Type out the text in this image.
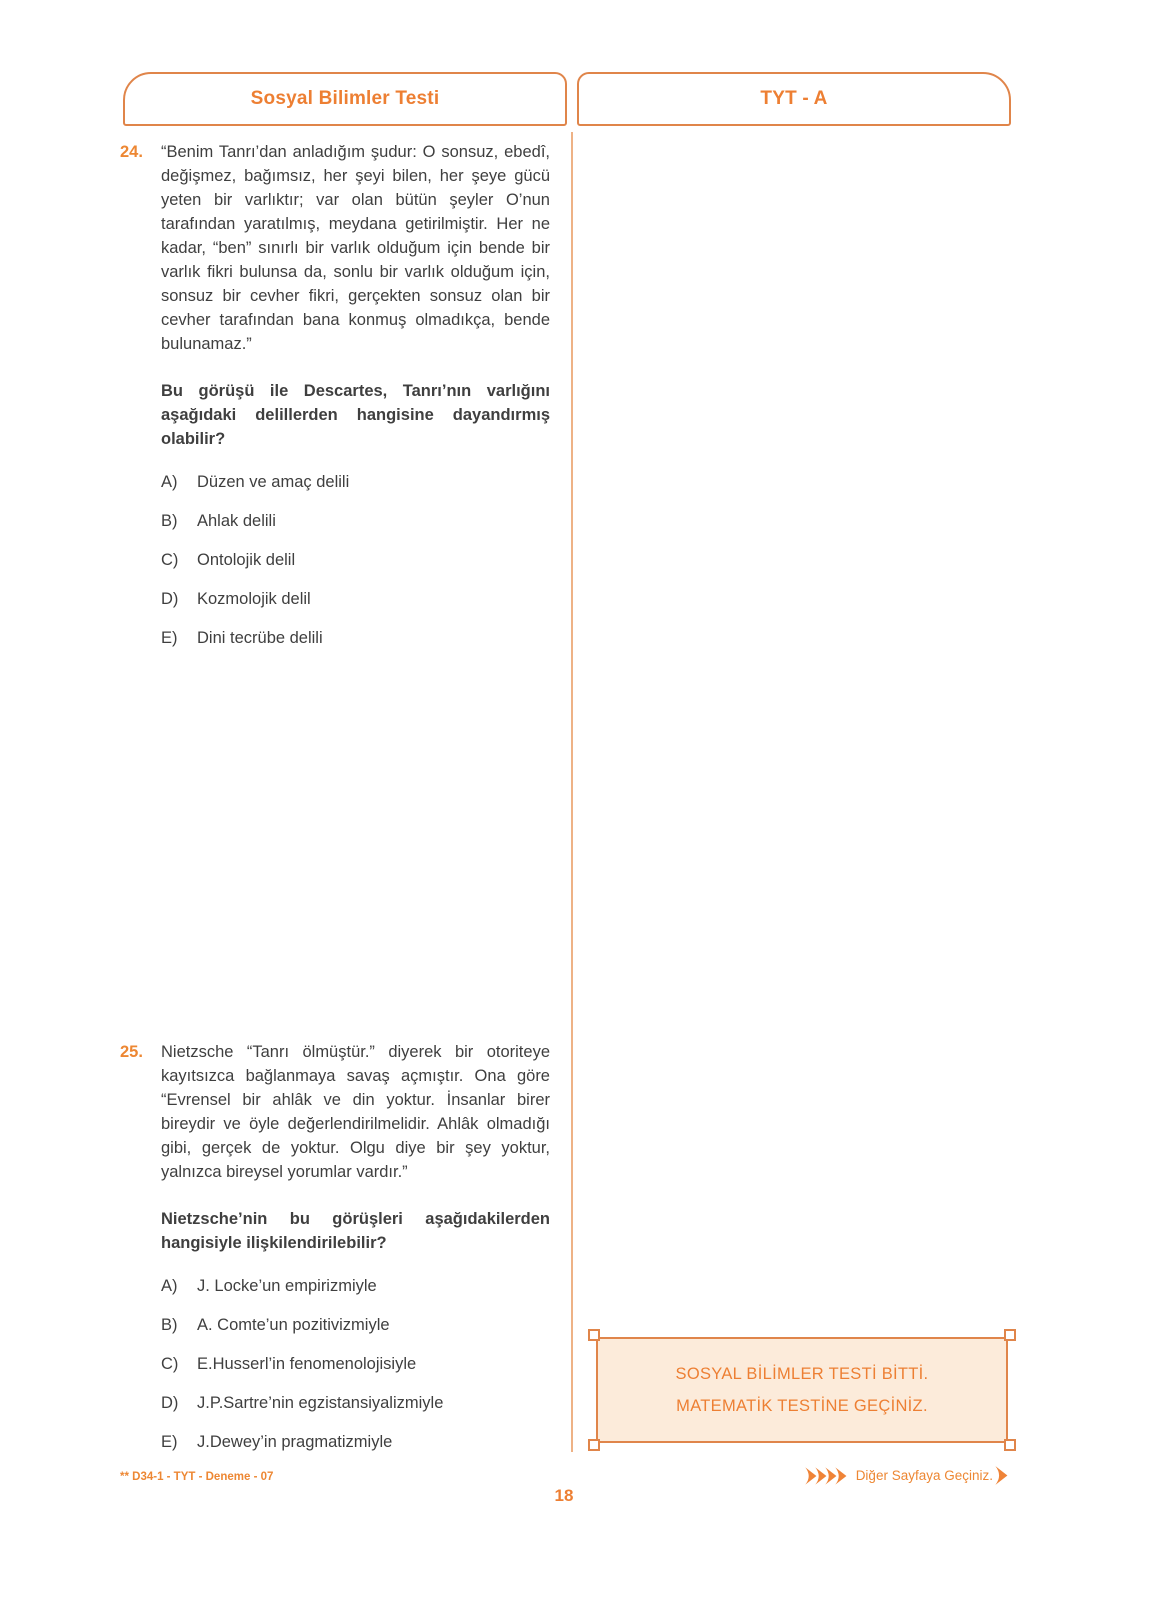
Sosyal Bilimler Testi	TYT - A
24.	“Benim Tanrı’dan anladığım şudur: O sonsuz, ebedî, değişmez, bağımsız, her şeyi bilen, her şeye gücü yeten bir varlıktır; var olan bütün şeyler O’nun tarafından yaratılmış, meydana getirilmiştir. Her ne kadar, “ben” sınırlı bir varlık olduğum için bende bir varlık fikri bulunsa da, sonlu bir varlık olduğum için, sonsuz bir cevher fikri, gerçekten sonsuz olan bir cevher tarafından bana konmuş olmadıkça, bende bulunamaz.”
Bu görüşü ile Descartes, Tanrı’nın varlığını aşağıdaki delillerden hangisine dayandırmış olabilir?
A)	Düzen ve amaç delili
B)	Ahlak delili
C)	Ontolojik delil
D)	Kozmolojik delil
E)	Dini tecrübe delili
25.	Nietzsche “Tanrı ölmüştür.” diyerek bir otoriteye kayıtsızca bağlanmaya savaş açmıştır. Ona göre “Evrensel bir ahlâk ve din yoktur. İnsanlar birer bireydir ve öyle değerlendirilmelidir. Ahlâk olmadığı gibi, gerçek de yoktur. Olgu diye bir şey yoktur, yalnızca bireysel yorumlar vardır.”
Nietzsche’nin bu görüşleri aşağıdakilerden hangisiyle ilişkilendirilebilir?
A)	J. Locke’un empirizmiyle
B)	A. Comte’un pozitivizmiyle
C)	E.Husserl’in fenomenolojisiyle
D)	J.P.Sartre’nin egzistansiyalizmiyle
E)	J.Dewey’in pragmatizmiyle
SOSYAL BİLİMLER TESTİ BİTTİ.
MATEMATİK TESTİNE GEÇİNİZ.
** D34-1 - TYT - Deneme - 07
18
Diğer Sayfaya Geçiniz.
